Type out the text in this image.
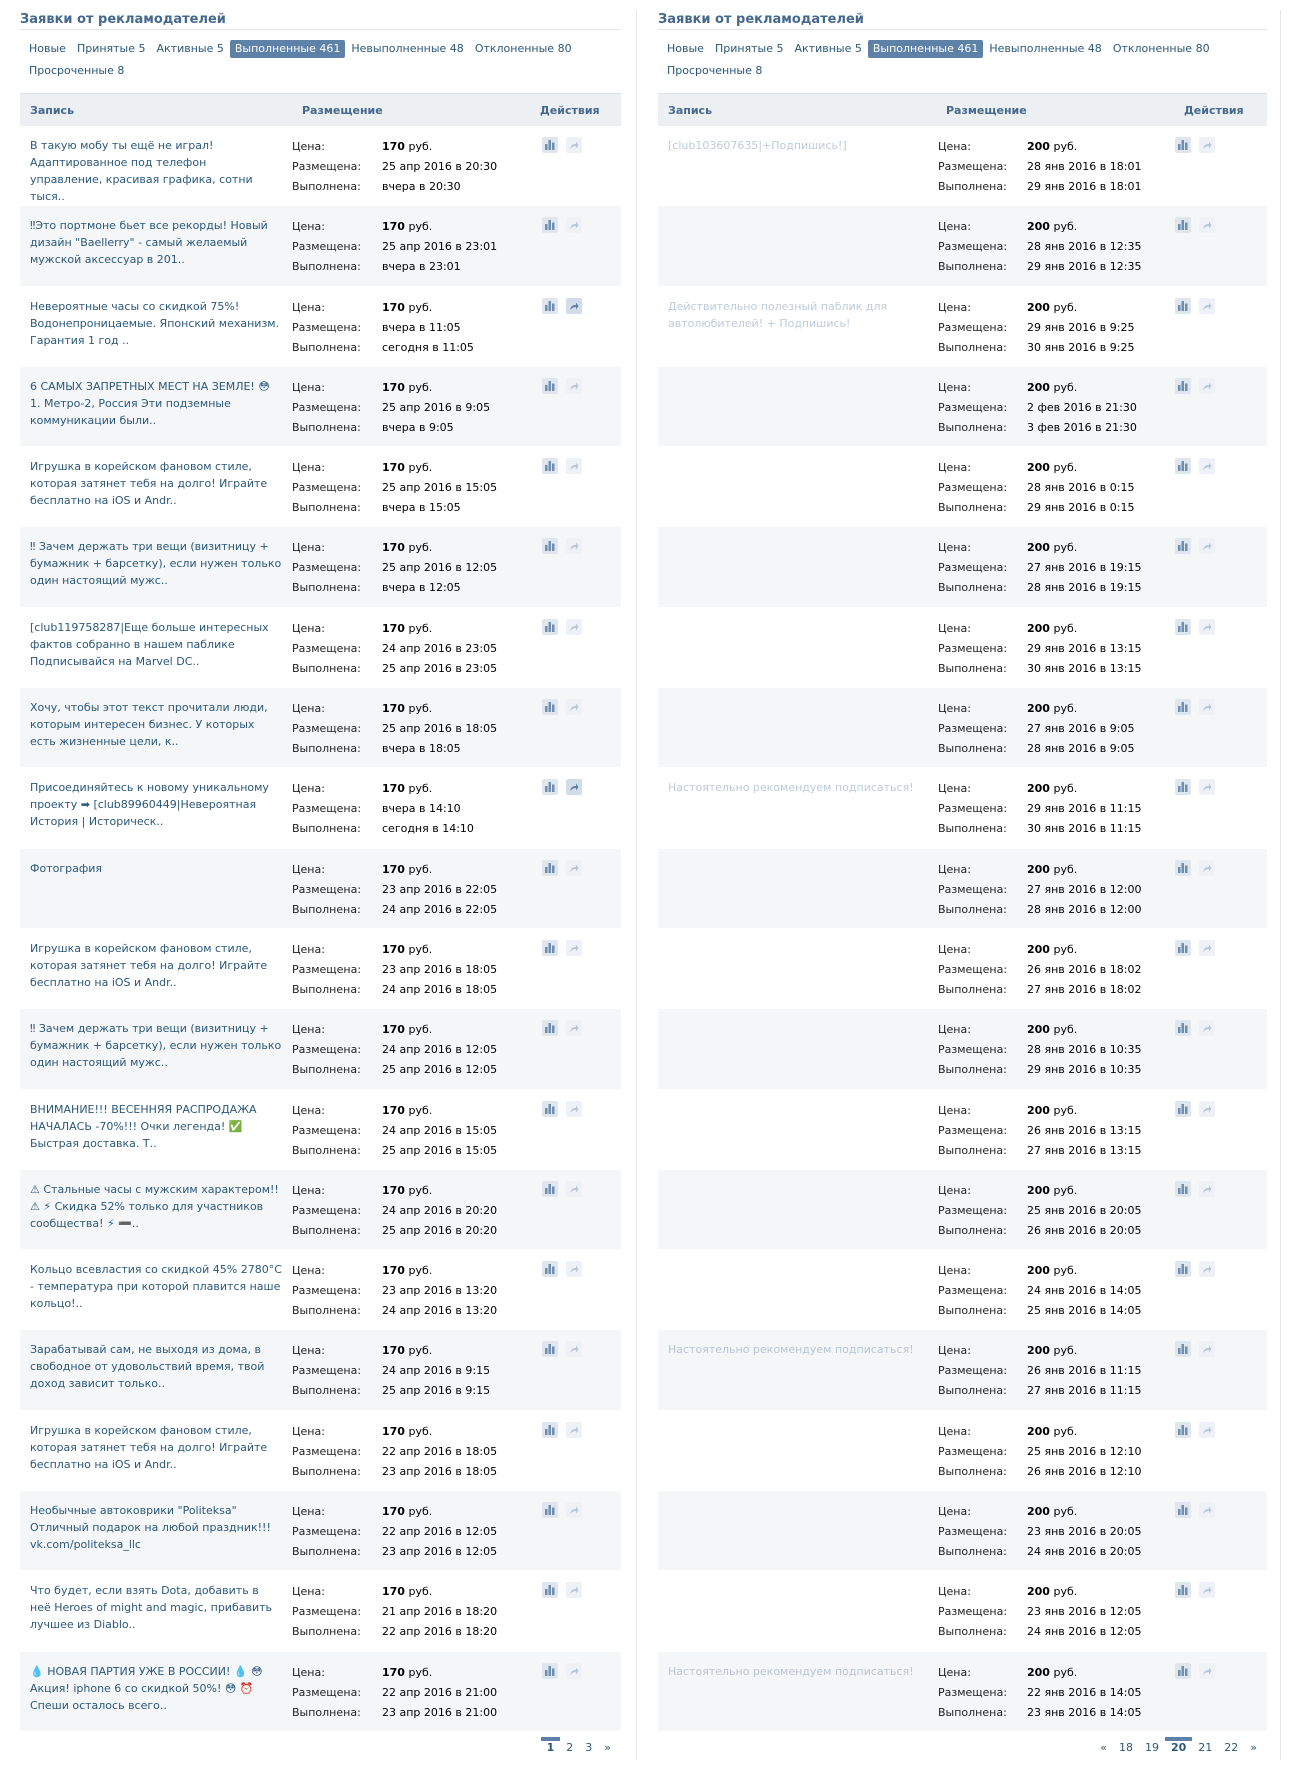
Заявки от рекламодателей
Новые Принятые 5 Активные 5 Выполненные 461 Невыполненные 48 Отклоненные 80Просроченные 8
Запись	Размещение	Действия
В такую мобу ты ещё не играл! Адаптированное под телефон управление, красивая графика, сотни тыся..
Цена:	170 руб.
Размещена:	25 апр 2016 в 20:30
Выполнена:	вчера в 20:30
‼Это портмоне бьет все рекорды! Новый дизайн "Baellerry" - самый желаемый мужской аксессуар в 201..
Цена:	170 руб.
Размещена:	25 апр 2016 в 23:01
Выполнена:	вчера в 23:01
Невероятные часы со скидкой 75%! Водонепроницаемые. Японский механизм. Гарантия 1 год ..
Цена:	170 руб.
Размещена:	вчера в 11:05
Выполнена:	сегодня в 11:05
6 САМЫХ ЗАПРЕТНЫХ МЕСТ НА ЗЕМЛЕ! 😳 1. Метро-2, Россия Эти подземные коммуникации были..
Цена:	170 руб.
Размещена:	25 апр 2016 в 9:05
Выполнена:	вчера в 9:05
Игрушка в корейском фановом стиле, которая затянет тебя на долго! Играйте бесплатно на iOS и Andr..
Цена:	170 руб.
Размещена:	25 апр 2016 в 15:05
Выполнена:	вчера в 15:05
‼ Зачем держать три вещи (визитницу + бумажник + барсетку), если нужен только один настоящий мужс..
Цена:	170 руб.
Размещена:	25 апр 2016 в 12:05
Выполнена:	вчера в 12:05
[club119758287|Еще больше интересных фактов собранно в нашем паблике Подписывайся на Marvel DC..
Цена:	170 руб.
Размещена:	24 апр 2016 в 23:05
Выполнена:	25 апр 2016 в 23:05
Хочу, чтобы этот текст прочитали люди, которым интересен бизнес. У которых есть жизненные цели, к..
Цена:	170 руб.
Размещена:	25 апр 2016 в 18:05
Выполнена:	вчера в 18:05
Присоединяйтесь к новому уникальному проекту ➡ [club89960449|Невероятная История | Историческ..
Цена:	170 руб.
Размещена:	вчера в 14:10
Выполнена:	сегодня в 14:10
Фотография	Цена:	170 руб.
Размещена:	23 апр 2016 в 22:05
Выполнена:	24 апр 2016 в 22:05
Игрушка в корейском фановом стиле, которая затянет тебя на долго! Играйте бесплатно на iOS и Andr..
Цена:	170 руб.
Размещена:	23 апр 2016 в 18:05
Выполнена:	24 апр 2016 в 18:05
‼ Зачем держать три вещи (визитницу + бумажник + барсетку), если нужен только один настоящий мужс..
Цена:	170 руб.
Размещена:	24 апр 2016 в 12:05
Выполнена:	25 апр 2016 в 12:05
ВНИМАНИЕ!!! ВЕСЕННЯЯ РАСПРОДАЖА НАЧАЛАСЬ -70%!!! Очки легенда! ✅ Быстрая доставка. Т..
Цена:	170 руб.
Размещена:	24 апр 2016 в 15:05
Выполнена:	25 апр 2016 в 15:05
⚠ Стальные часы с мужским характером!! ⚠ ⚡ Скидка 52% только для участников сообщества! ⚡ ➖..
Цена:	170 руб.
Размещена:	24 апр 2016 в 20:20
Выполнена:	25 апр 2016 в 20:20
Кольцо всевластия со скидкой 45% 2780°C - температура при которой плавится наше кольцо!..
Цена:	170 руб.
Размещена:	23 апр 2016 в 13:20
Выполнена:	24 апр 2016 в 13:20
Зарабатывай сам, не выходя из дома, в свободное от удовольствий время, твой доход зависит только..
Цена:	170 руб.
Размещена:	24 апр 2016 в 9:15
Выполнена:	25 апр 2016 в 9:15
Игрушка в корейском фановом стиле, которая затянет тебя на долго! Играйте бесплатно на iOS и Andr..
Цена:	170 руб.
Размещена:	22 апр 2016 в 18:05
Выполнена:	23 апр 2016 в 18:05
Необычные автоковрики "Politeksa" Отличный подарок на любой праздник!!! vk.com/politeksa_llc
Цена:	170 руб.
Размещена:	22 апр 2016 в 12:05
Выполнена:	23 апр 2016 в 12:05
Что будет, если взять Dota, добавить в неё Heroes of might and magic, прибавить лучшее из Diablo..
Цена:	170 руб.
Размещена:	21 апр 2016 в 18:20
Выполнена:	22 апр 2016 в 18:20
💧 НОВАЯ ПАРТИЯ УЖЕ В РОССИИ! 💧 😳 Акция! iphone 6 со скидкой 50%! 😳 ⏰ Спеши осталось всего..
Цена:	170 руб.
Размещена:	22 апр 2016 в 21:00
Выполнена:	23 апр 2016 в 21:00
1	2	3	»
Заявки от рекламодателей
Новые Принятые 5 Активные 5 Выполненные 461 Невыполненные 48 Отклоненные 80Просроченные 8
Запись	Размещение	Действия
[club103607635|+Подпишись!]	Цена:	200 руб.
Размещена:	28 янв 2016 в 18:01
Выполнена:	29 янв 2016 в 18:01
Цена:	200 руб.
Размещена:	28 янв 2016 в 12:35
Выполнена:	29 янв 2016 в 12:35
Действительно полезный паблик для автолюбителей! + Подпишись!
Цена:	200 руб.
Размещена:	29 янв 2016 в 9:25
Выполнена:	30 янв 2016 в 9:25
Цена:	200 руб.
Размещена:	2 фев 2016 в 21:30
Выполнена:	3 фев 2016 в 21:30
Цена:	200 руб.
Размещена:	28 янв 2016 в 0:15
Выполнена:	29 янв 2016 в 0:15
Цена:	200 руб.
Размещена:	27 янв 2016 в 19:15
Выполнена:	28 янв 2016 в 19:15
Цена:	200 руб.
Размещена:	29 янв 2016 в 13:15
Выполнена:	30 янв 2016 в 13:15
Цена:	200 руб.
Размещена:	27 янв 2016 в 9:05
Выполнена:	28 янв 2016 в 9:05
Настоятельно рекомендуем подписаться!	Цена:	200 руб.
Размещена:	29 янв 2016 в 11:15
Выполнена:	30 янв 2016 в 11:15
Цена:	200 руб.
Размещена:	27 янв 2016 в 12:00
Выполнена:	28 янв 2016 в 12:00
Цена:	200 руб.
Размещена:	26 янв 2016 в 18:02
Выполнена:	27 янв 2016 в 18:02
Цена:	200 руб.
Размещена:	28 янв 2016 в 10:35
Выполнена:	29 янв 2016 в 10:35
Цена:	200 руб.
Размещена:	26 янв 2016 в 13:15
Выполнена:	27 янв 2016 в 13:15
Цена:	200 руб.
Размещена:	25 янв 2016 в 20:05
Выполнена:	26 янв 2016 в 20:05
Цена:	200 руб.
Размещена:	24 янв 2016 в 14:05
Выполнена:	25 янв 2016 в 14:05
Настоятельно рекомендуем подписаться!	Цена:	200 руб.
Размещена:	26 янв 2016 в 11:15
Выполнена:	27 янв 2016 в 11:15
Цена:	200 руб.
Размещена:	25 янв 2016 в 12:10
Выполнена:	26 янв 2016 в 12:10
Цена:	200 руб.
Размещена:	23 янв 2016 в 20:05
Выполнена:	24 янв 2016 в 20:05
Цена:	200 руб.
Размещена:	23 янв 2016 в 12:05
Выполнена:	24 янв 2016 в 12:05
Настоятельно рекомендуем подписаться!	Цена:	200 руб.
Размещена:	22 янв 2016 в 14:05
Выполнена:	23 янв 2016 в 14:05
«	18	19	20	21	22	»
